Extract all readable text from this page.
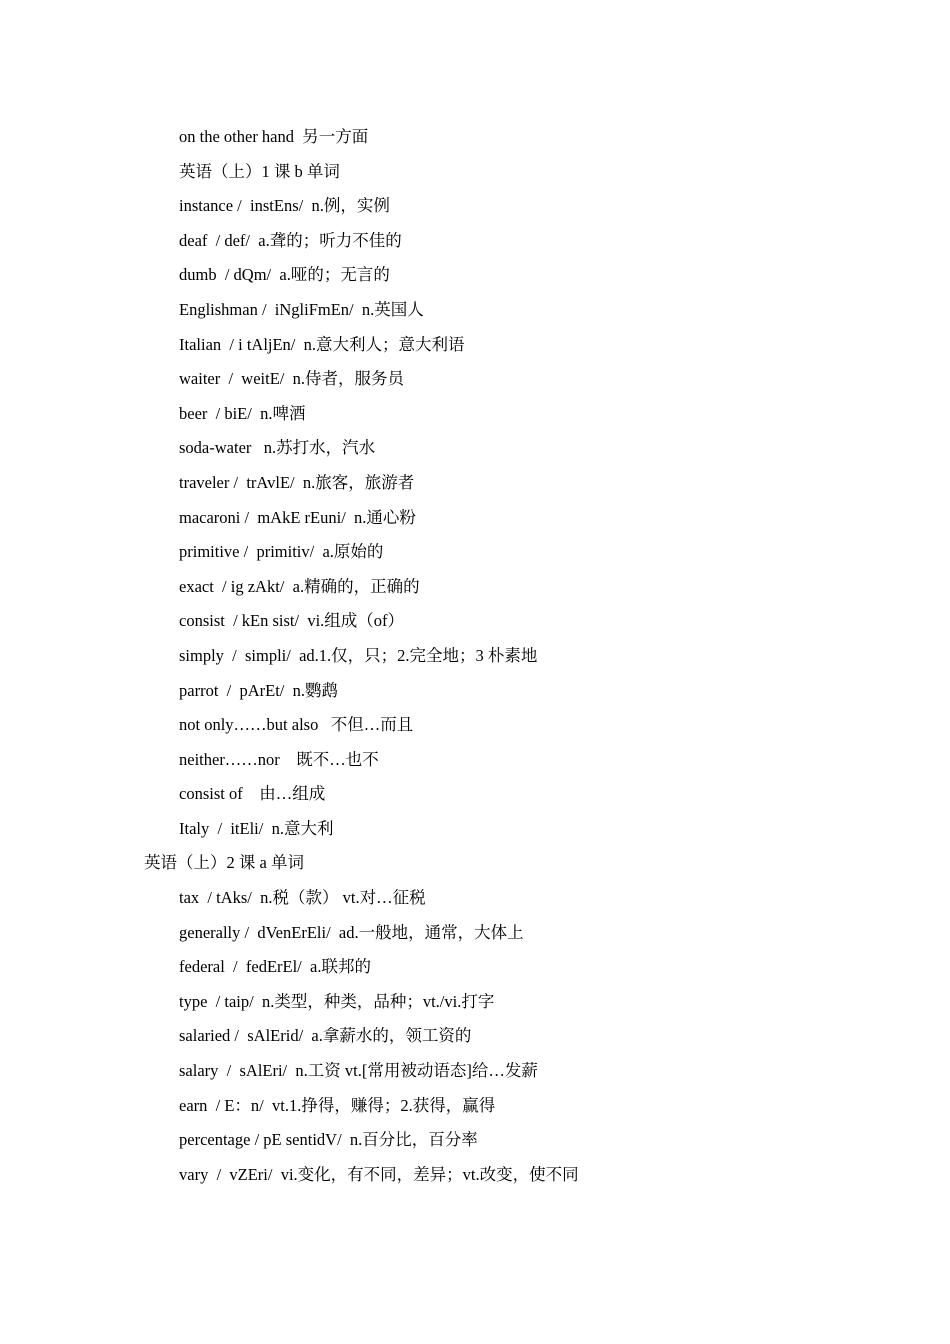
on the other hand  另一方面
英语（上）1 课 b 单词
instance /  instEns/  n.例，实例
deaf  / def/  a.聋的；听力不佳的
dumb  / dQm/  a.哑的；无言的
Englishman /  iNgliFmEn/  n.英国人
Italian  / i tAljEn/  n.意大利人；意大利语
waiter  /  weitE/  n.侍者，服务员
beer  / biE/  n.啤酒
soda-water   n.苏打水，汽水
traveler /  trAvlE/  n.旅客，旅游者
macaroni /  mAkE rEuni/  n.通心粉
primitive /  primitiv/  a.原始的
exact  / ig zAkt/  a.精确的，正确的
consist  / kEn sist/  vi.组成（of）
simply  /  simpli/  ad.1.仅，只；2.完全地；3 朴素地
parrot  /  pArEt/  n.鹦鹉
not only……but also   不但…而且
neither……nor    既不…也不
consist of    由…组成
Italy  /  itEli/  n.意大利
英语（上）2 课 a 单词
tax  / tAks/  n.税（款） vt.对…征税
generally /  dVenErEli/  ad.一般地，通常，大体上
federal  /  fedErEl/  a.联邦的
type  / taip/  n.类型，种类，品种；vt./vi.打字
salaried /  sAlErid/  a.拿薪水的，领工资的
salary  /  sAlEri/  n.工资 vt.[常用被动语态]给…发薪
earn  / E：n/  vt.1.挣得，赚得；2.获得，赢得
percentage / pE sentidV/  n.百分比，百分率
vary  /  vZEri/  vi.变化，有不同，差异；vt.改变，使不同
